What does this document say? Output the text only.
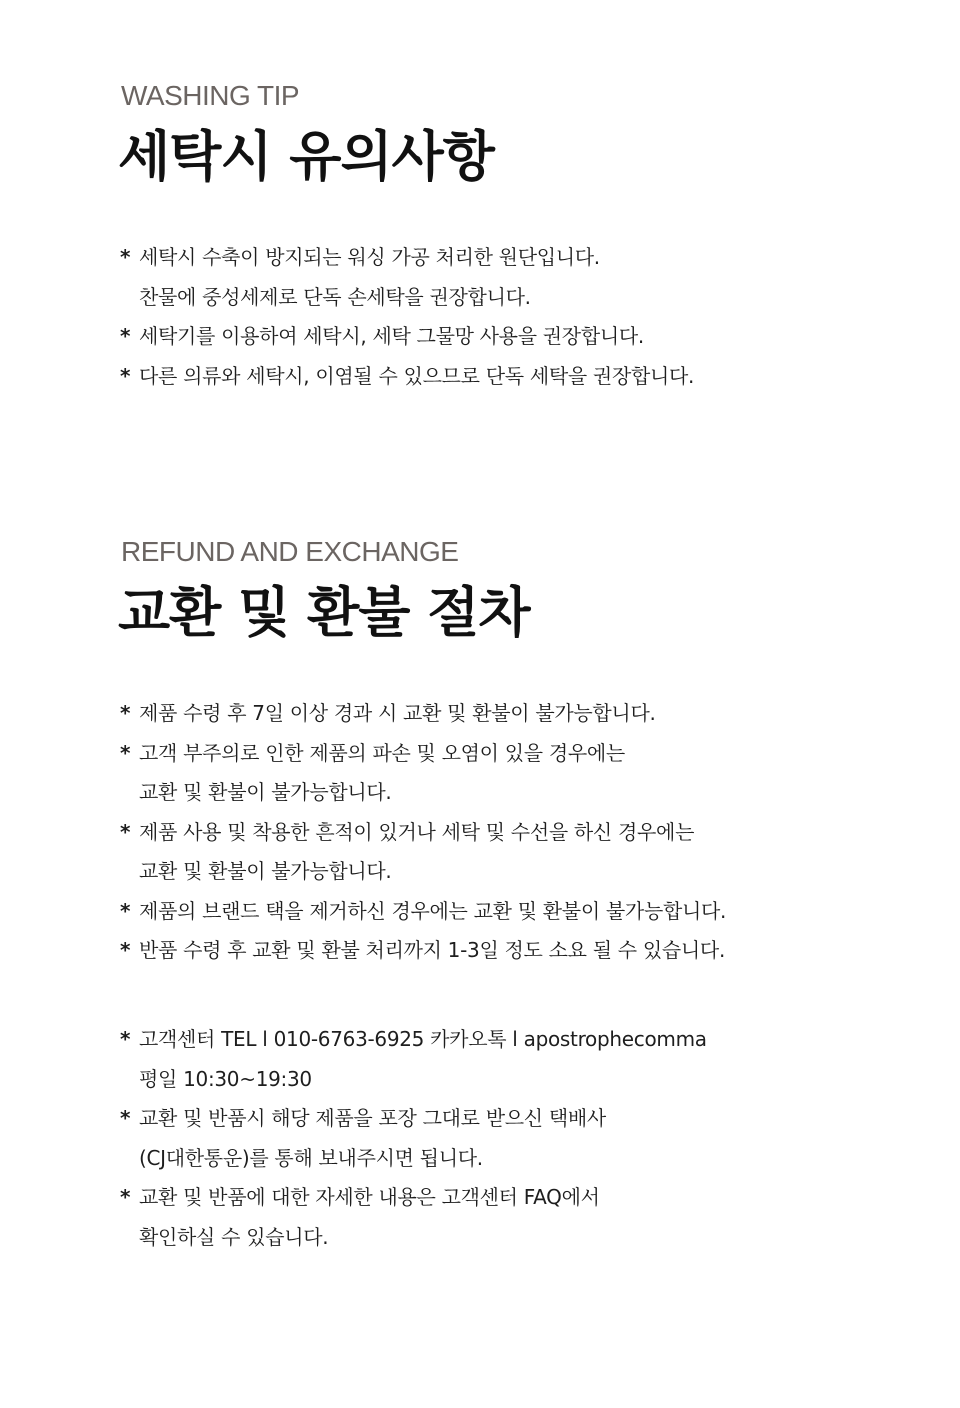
WASHING TIP
세탁시 유의사항
* 세탁시 수축이 방지되는 워싱 가공 처리한 원단입니다.
찬물에 중성세제로 단독 손세탁을 권장합니다.
* 세탁기를 이용하여 세탁시, 세탁 그물망 사용을 권장합니다.
* 다른 의류와 세탁시, 이염될 수 있으므로 단독 세탁을 권장합니다.
REFUND AND EXCHANGE
교환 및 환불 절차
* 제품 수령 후 7일 이상 경과 시 교환 및 환불이 불가능합니다.
* 고객 부주의로 인한 제품의 파손 및 오염이 있을 경우에는
교환 및 환불이 불가능합니다.
* 제품 사용 및 착용한 흔적이 있거나 세탁 및 수선을 하신 경우에는
교환 및 환불이 불가능합니다.
* 제품의 브랜드 택을 제거하신 경우에는 교환 및 환불이 불가능합니다.
* 반품 수령 후 교환 및 환불 처리까지 1-3일 정도 소요 될 수 있습니다.
* 고객센터 TEL l 010-6763-6925 카카오톡 l apostrophecomma
평일 10:30~19:30
* 교환 및 반품시 해당 제품을 포장 그대로 받으신 택배사
(CJ대한통운)를 통해 보내주시면 됩니다.
* 교환 및 반품에 대한 자세한 내용은 고객센터 FAQ에서
확인하실 수 있습니다.
